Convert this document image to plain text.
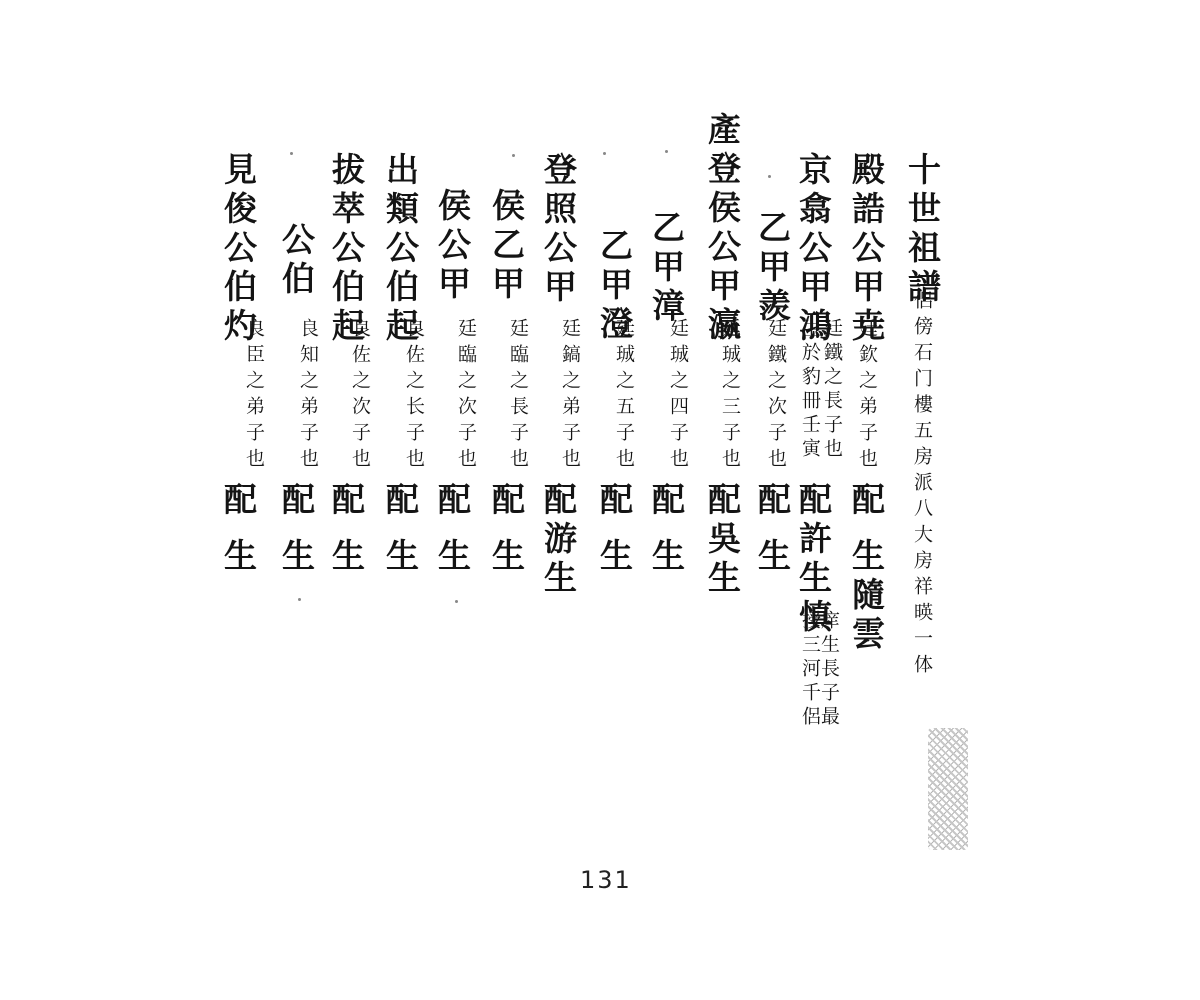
十世祖譜
侶傍石门樓五房派八大房祥暎一体
殿誥公甲尭
廷欽之弟子也
配
生隨雲
京翕公甲鴻
廷鐵之長子也
生於豹冊壬寅
配許生慎
庠生長子最 授三河千侶
乙甲羨
廷鐵之次子也
配
生
產登侯公甲瀛
廷珹之三子也
配吳生
乙甲漳
廷珹之四子也
配
生
乙甲澄
廷珹之五子也
配
生
登照公甲
廷鎬之弟子也
配游生
侯乙甲
廷臨之長子也
配
生
侯公甲
廷臨之次子也
配
生
出類公伯起
良佐之长子也
配
生
拔萃公伯起
良佐之次子也
配
生
公伯
良知之弟子也
配
生
見俊公伯灼
良臣之弟子也
配
生
131
